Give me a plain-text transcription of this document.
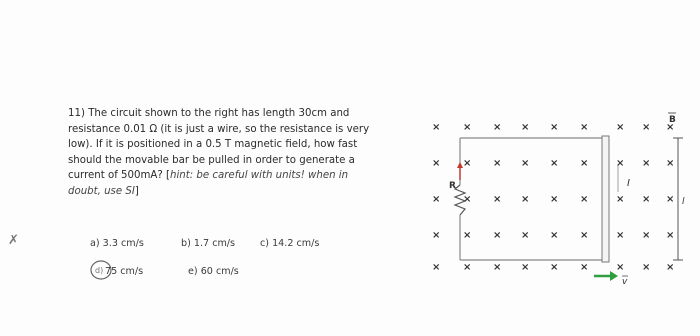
✗
11) The circuit shown to the right has length 30cm and
resistance 0.01 Ω (it is just a wire, so the resistance is very
low). If it is positioned in a 0.5 T magnetic field, how fast
should the movable bar be pulled in order to generate a
current of 500mA? [hint: be careful with units! when in
doubt, use SI]
a) 3.3 cm/s	b) 1.7 cm/s	c) 14.2 cm/s
d) 75 cm/s	e) 60 cm/s
R	I
l
B
v
× × × × × ×	× × ×
× × × × × ×	× × ×
× × × × × ×	× × ×
× × × × × ×	× × ×
× × × × × ×	× × ×
